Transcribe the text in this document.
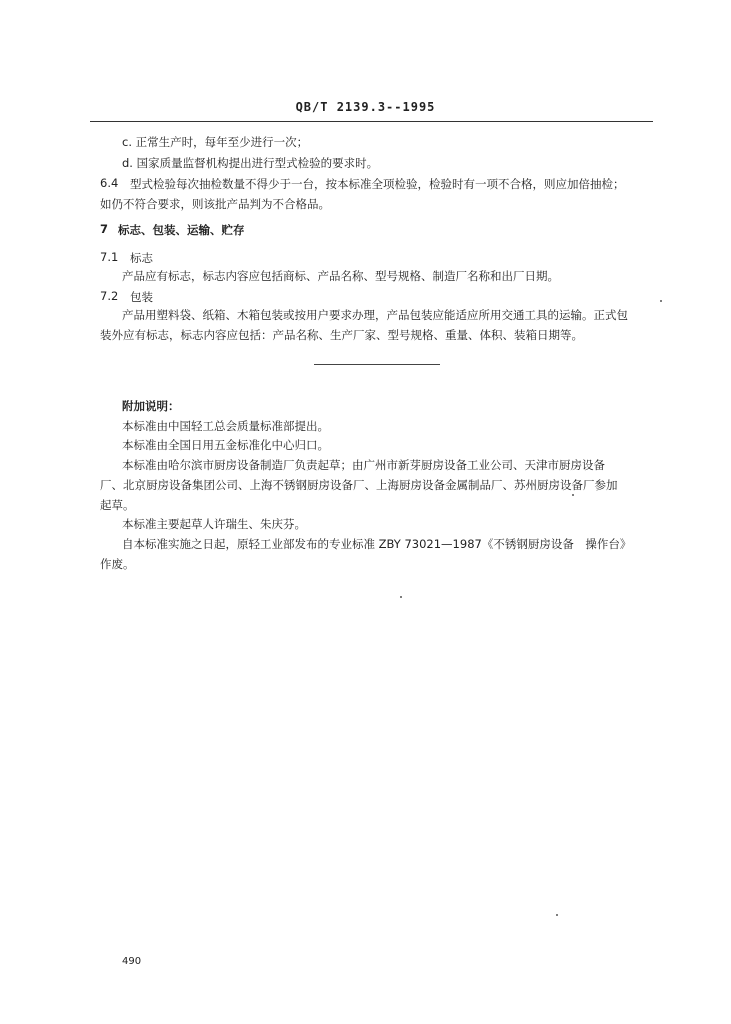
QB/T 2139.3--1995
c. 正常生产时，每年至少进行一次；
d. 国家质量监督机构提出进行型式检验的要求时。
6.4 型式检验每次抽检数量不得少于一台，按本标准全项检验，检验时有一项不合格，则应加倍抽检；
如仍不符合要求，则该批产品判为不合格品。
7 标志、包装、运输、贮存
7.1 标志
产品应有标志，标志内容应包括商标、产品名称、型号规格、制造厂名称和出厂日期。
7.2 包装
产品用塑料袋、纸箱、木箱包装或按用户要求办理，产品包装应能适应所用交通工具的运输。正式包
装外应有标志，标志内容应包括：产品名称、生产厂家、型号规格、重量、体积、装箱日期等。
附加说明：
本标准由中国轻工总会质量标准部提出。
本标准由全国日用五金标准化中心归口。
本标准由哈尔滨市厨房设备制造厂负责起草；由广州市新芽厨房设备工业公司、天津市厨房设备
厂、北京厨房设备集团公司、上海不锈钢厨房设备厂、上海厨房设备金属制品厂、苏州厨房设备厂参加
起草。
本标准主要起草人许瑞生、朱庆芬。
自本标准实施之日起，原轻工业部发布的专业标准 ZBY 73021—1987《不锈钢厨房设备　操作台》
作废。
490
